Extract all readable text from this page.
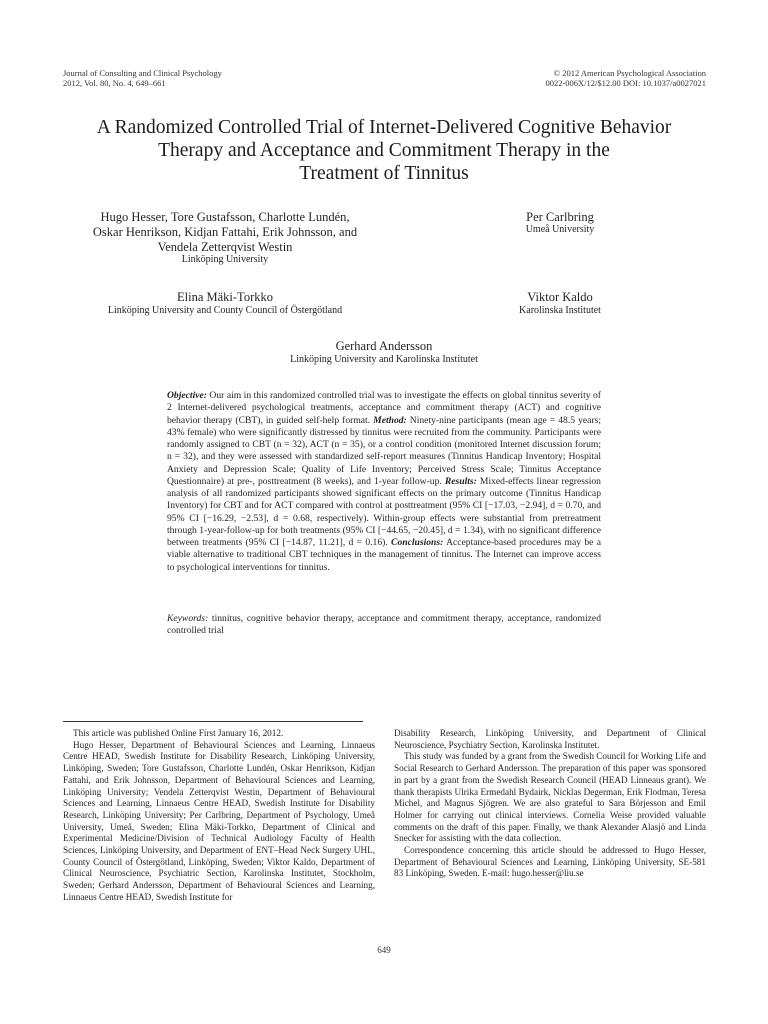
Journal of Consulting and Clinical Psychology
2012, Vol. 80, No. 4, 649–661
© 2012 American Psychological Association
0022-006X/12/$12.00 DOI: 10.1037/a0027021
A Randomized Controlled Trial of Internet-Delivered Cognitive Behavior
Therapy and Acceptance and Commitment Therapy in the
Treatment of Tinnitus
Hugo Hesser, Tore Gustafsson, Charlotte Lundén,
Oskar Henrikson, Kidjan Fattahi, Erik Johnsson, and
Vendela Zetterqvist Westin
Linköping University
Per Carlbring
Umeå University
Elina Mäki-Torkko
Linköping University and County Council of Östergötland
Viktor Kaldo
Karolinska Institutet
Gerhard Andersson
Linköping University and Karolinska Institutet
Objective: Our aim in this randomized controlled trial was to investigate the effects on global tinnitus severity of 2 Internet-delivered psychological treatments, acceptance and commitment therapy (ACT) and cognitive behavior therapy (CBT), in guided self-help format. Method: Ninety-nine participants (mean age = 48.5 years; 43% female) who were significantly distressed by tinnitus were recruited from the community. Participants were randomly assigned to CBT (n = 32), ACT (n = 35), or a control condition (monitored Internet discussion forum; n = 32), and they were assessed with standardized self-report measures (Tinnitus Handicap Inventory; Hospital Anxiety and Depression Scale; Quality of Life Inventory; Perceived Stress Scale; Tinnitus Acceptance Questionnaire) at pre-, posttreatment (8 weeks), and 1-year follow-up. Results: Mixed-effects linear regression analysis of all randomized participants showed significant effects on the primary outcome (Tinnitus Handicap Inventory) for CBT and for ACT compared with control at posttreatment (95% CI [−17.03, −2.94], d = 0.70, and 95% CI [−16.29, −2.53], d = 0.68, respectively). Within-group effects were substantial from pretreatment through 1-year-follow-up for both treatments (95% CI [−44.65, −20.45], d = 1.34), with no significant difference between treatments (95% CI [−14.87, 11.21], d = 0.16). Conclusions: Acceptance-based procedures may be a viable alternative to traditional CBT techniques in the management of tinnitus. The Internet can improve access to psychological interventions for tinnitus.
Keywords: tinnitus, cognitive behavior therapy, acceptance and commitment therapy, acceptance, randomized controlled trial

This article was published Online First January 16, 2012.

Hugo Hesser, Department of Behavioural Sciences and Learning, Linnaeus Centre HEAD, Swedish Institute for Disability Research, Linköping University, Linköping, Sweden; Tore Gustafsson, Charlotte Lundén, Oskar Henrikson, Kidjan Fattahi, and Erik Johnsson, Department of Behavioural Sciences and Learning, Linköping University; Vendela Zetterqvist Westin, Department of Behavioural Sciences and Learning, Linnaeus Centre HEAD, Swedish Institute for Disability Research, Linköping University; Per Carlbring, Department of Psychology, Umeå University, Umeå, Sweden; Elina Mäki-Torkko, Department of Clinical and Experimental Medicine/Division of Technical Audiology Faculty of Health Sciences, Linköping University, and Department of ENT–Head Neck Surgery UHL, County Council of Östergötland, Linköping, Sweden; Viktor Kaldo, Department of Clinical Neuroscience, Psychiatric Section, Karolinska Institutet, Stockholm, Sweden; Gerhard Andersson, Department of Behavioural Sciences and Learning, Linnaeus Centre HEAD, Swedish Institute for

Disability Research, Linköping University, and Department of Clinical Neuroscience, Psychiatry Section, Karolinska Institutet.

This study was funded by a grant from the Swedish Council for Working Life and Social Research to Gerhard Andersson. The preparation of this paper was sponsored in part by a grant from the Swedish Research Council (HEAD Linneaus grant). We thank therapists Ulrika Ermedahl Bydairk, Nicklas Degerman, Erik Flodman, Teresa Michel, and Magnus Sjögren. We are also grateful to Sara Börjesson and Emil Holmer for carrying out clinical interviews. Cornelia Weise provided valuable comments on the draft of this paper. Finally, we thank Alexander Alasjö and Linda Snecker for assisting with the data collection.

Correspondence concerning this article should be addressed to Hugo Hesser, Department of Behavioural Sciences and Learning, Linköping University, SE-581 83 Linköping, Sweden. E-mail: hugo.hesser@liu.se

649
